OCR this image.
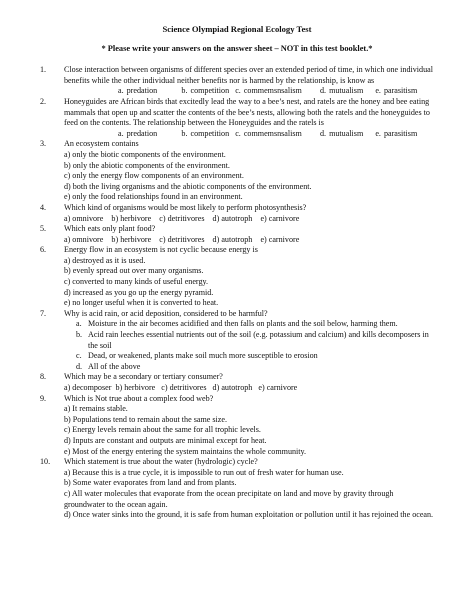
Science Olympiad Regional Ecology Test
* Please write your answers on the answer sheet – NOT in this test booklet.*
1.	Close interaction between organisms of different species over an extended period of time, in which one individual benefits while the other individual neither benefits nor is harmed by the relationship, is know as
a. predation        b. competition  c. commemsnsalism      d. mutualism    e. parasitism
2.	Honeyguides are African birds that excitedly lead the way to a bee’s nest, and ratels are the honey and bee eating mammals that open up and scatter the contents of the bee’s nests, allowing both the ratels and the honeyguides to feed on the contents. The relationship between the Honeyguides and the ratels is
a. predation        b. competition  c. commemsnsalism      d. mutualism    e. parasitism
3.	An ecosystem contains
a) only the biotic components of the environment.
b) only the abiotic components of the environment.
c) only the energy flow components of an environment.
d) both the living organisms and the abiotic components of the environment.
e) only the food relationships found in an environment.
4.	Which kind of organisms would be most likely to perform photosynthesis?
a) omnivore    b) herbivore    c) detritivores    d) autotroph    e) carnivore
5.	Which eats only plant food?
a) omnivore    b) herbivore    c) detritivores    d) autotroph    e) carnivore
6.	Energy flow in an ecosystem is not cyclic because energy is
a) destroyed as it is used.
b) evenly spread out over many organisms.
c) converted to many kinds of useful energy.
d) increased as you go up the energy pyramid.
e) no longer useful when it is converted to heat.
7.	Why is acid rain, or acid deposition, considered to be harmful?
a. Moisture in the air becomes acidified and then falls on plants and the soil below, harming them.
b. Acid rain leeches essential nutrients out of the soil (e.g. potassium and calcium) and kills decomposers in the soil
c. Dead, or weakened, plants make soil much more susceptible to erosion
d. All of the above
8.	Which may be a secondary or tertiary consumer?
a) decomposer  b) herbivore   c) detritivores   d) autotroph   e) carnivore
9.	Which is Not true about a complex food web?
a) It remains stable.
b) Populations tend to remain about the same size.
c) Energy levels remain about the same for all trophic levels.
d) Inputs are constant and outputs are minimal except for heat.
e) Most of the energy entering the system maintains the whole community.
10.	Which statement is true about the water (hydrologic) cycle?
a) Because this is a true cycle, it is impossible to run out of fresh water for human use.
b) Some water evaporates from land and from plants.
c) All water molecules that evaporate from the ocean precipitate on land and move by gravity through groundwater to the ocean again.
d) Once water sinks into the ground, it is safe from human exploitation or pollution until it has rejoined the ocean.
